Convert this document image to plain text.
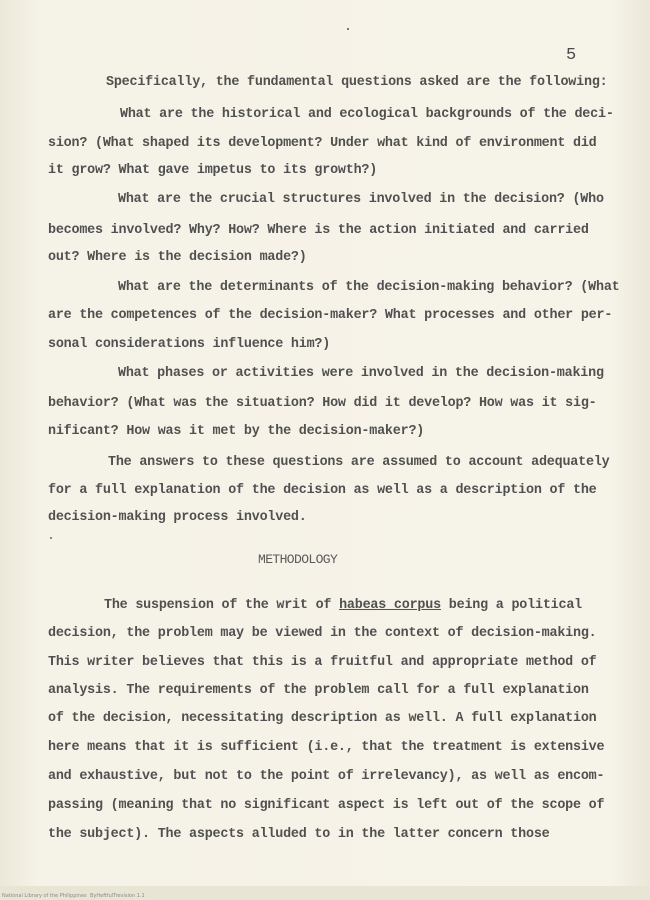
5
Specifically, the fundamental questions asked are the following:
What are the historical and ecological backgrounds of the deci-
sion? (What shaped its development? Under what kind of environment did
it grow? What gave impetus to its growth?)
What are the crucial structures involved in the decision? (Who
becomes involved? Why? How? Where is the action initiated and carried
out? Where is the decision made?)
What are the determinants of the decision-making behavior? (What
are the competences of the decision-maker? What processes and other per-
sonal considerations influence him?)
What phases or activities were involved in the decision-making
behavior? (What was the situation? How did it develop? How was it sig-
nificant? How was it met by the decision-maker?)
The answers to these questions are assumed to account adequately
for a full explanation of the decision as well as a description of the
decision-making process involved.
METHODOLOGY
The suspension of the writ of habeas corpus being a political
decision, the problem may be viewed in the context of decision-making.
This writer believes that this is a fruitful and appropriate method of
analysis. The requirements of the problem call for a full explanation
of the decision, necessitating description as well. A full explanation
here means that it is sufficient (i.e., that the treatment is extensive
and exhaustive, but not to the point of irrelevancy), as well as encom-
passing (meaning that no significant aspect is left out of the scope of
the subject). The aspects alluded to in the latter concern those
National Library of the Philippines ByHeftfulTrevision 1.1
